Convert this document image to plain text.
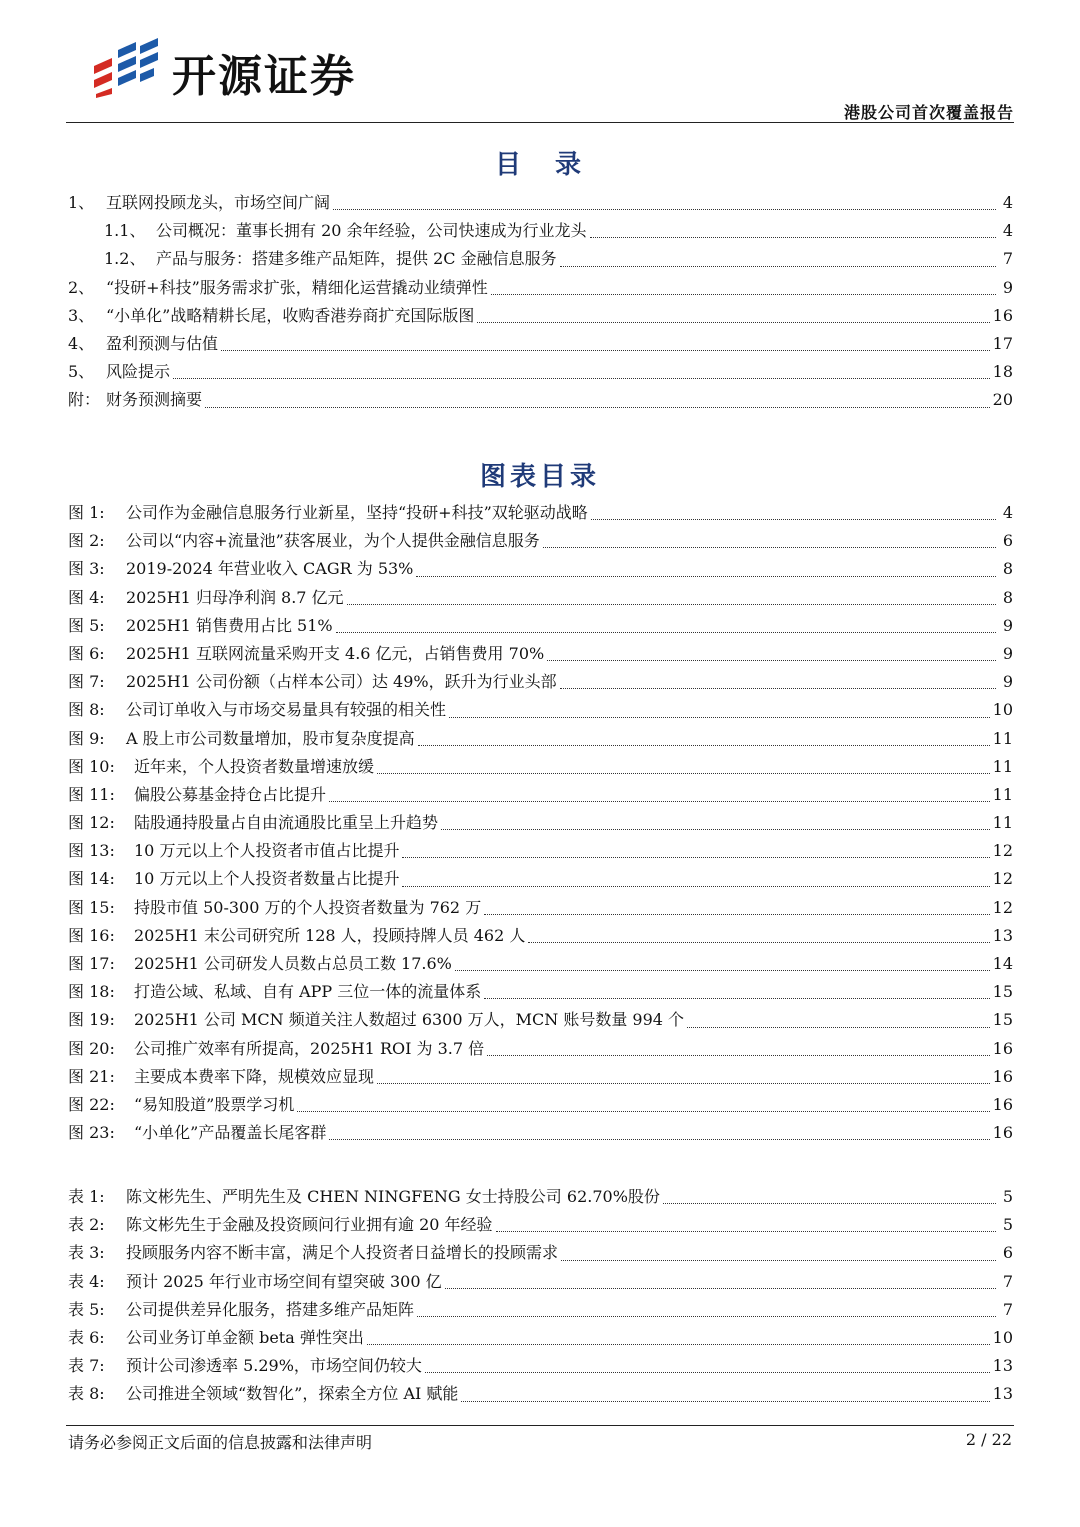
开源证券
港股公司首次覆盖报告
目　录
1、 互联网投顾龙头，市场空间广阔	4
1.1、 公司概况：董事长拥有 20 余年经验，公司快速成为行业龙头	4
1.2、 产品与服务：搭建多维产品矩阵，提供 2C 金融信息服务	7
2、 “投研+科技”服务需求扩张，精细化运营撬动业绩弹性	9
3、 “小单化”战略精耕长尾，收购香港券商扩充国际版图	16
4、 盈利预测与估值	17
5、 风险提示	18
附： 财务预测摘要	20
图表目录
图 1:	公司作为金融信息服务行业新星，坚持“投研+科技”双轮驱动战略	4
图 2:	公司以“内容+流量池”获客展业，为个人提供金融信息服务	6
图 3:	2019-2024 年营业收入 CAGR 为 53%	8
图 4:	2025H1 归母净利润 8.7 亿元	8
图 5:	2025H1 销售费用占比 51%	9
图 6:	2025H1 互联网流量采购开支 4.6 亿元，占销售费用 70%	9
图 7:	2025H1 公司份额（占样本公司）达 49%，跃升为行业头部	9
图 8:	公司订单收入与市场交易量具有较强的相关性	10
图 9:	A 股上市公司数量增加，股市复杂度提高	11
图 10:	近年来，个人投资者数量增速放缓	11
图 11:	偏股公募基金持仓占比提升	11
图 12:	陆股通持股量占自由流通股比重呈上升趋势	11
图 13:	10 万元以上个人投资者市值占比提升	12
图 14:	10 万元以上个人投资者数量占比提升	12
图 15:	持股市值 50-300 万的个人投资者数量为 762 万	12
图 16:	2025H1 末公司研究所 128 人，投顾持牌人员 462 人	13
图 17:	2025H1 公司研发人员数占总员工数 17.6%	14
图 18:	打造公域、私域、自有 APP 三位一体的流量体系	15
图 19:	2025H1 公司 MCN 频道关注人数超过 6300 万人，MCN 账号数量 994 个	15
图 20:	公司推广效率有所提高，2025H1 ROI 为 3.7 倍	16
图 21:	主要成本费率下降，规模效应显现	16
图 22:	“易知股道”股票学习机	16
图 23:	“小单化”产品覆盖长尾客群	16
表 1:	陈文彬先生、严明先生及 CHEN NINGFENG 女士持股公司 62.70%股份	5
表 2:	陈文彬先生于金融及投资顾问行业拥有逾 20 年经验	5
表 3:	投顾服务内容不断丰富，满足个人投资者日益增长的投顾需求	6
表 4:	预计 2025 年行业市场空间有望突破 300 亿	7
表 5:	公司提供差异化服务，搭建多维产品矩阵	7
表 6:	公司业务订单金额 beta 弹性突出	10
表 7:	预计公司渗透率 5.29%，市场空间仍较大	13
表 8:	公司推进全领域“数智化”，探索全方位 AI 赋能	13
请务必参阅正文后面的信息披露和法律声明	2 / 22
